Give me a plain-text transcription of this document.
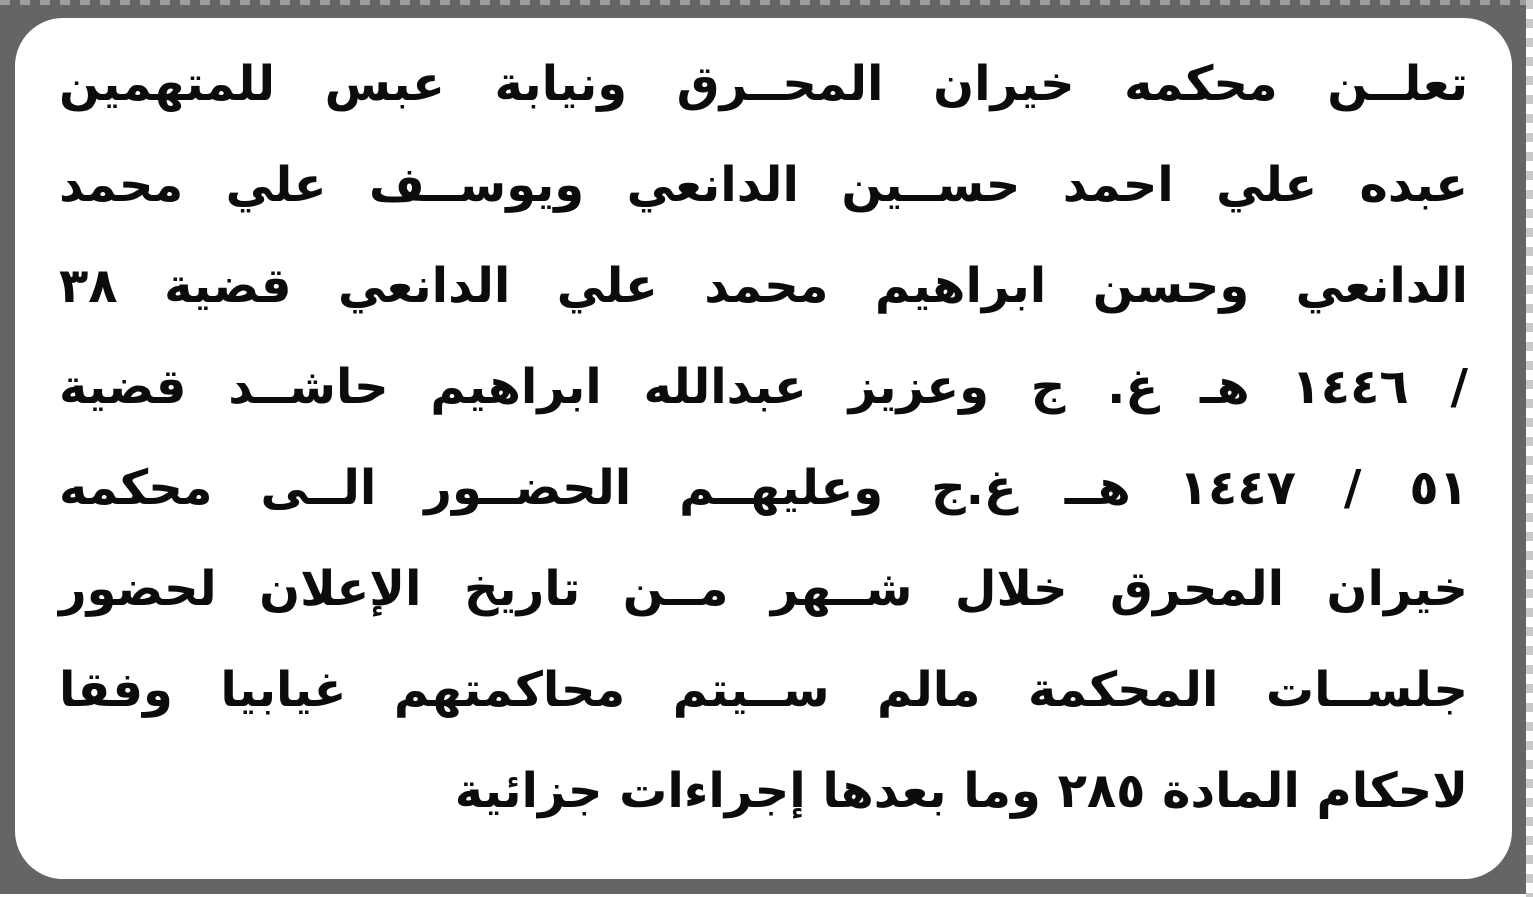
تعلــن محكمه خيران المحــرق ونيابة عبس للمتهمين
عبده علي احمد حســين الدانعي ويوســف علي محمد
الدانعي وحسن ابراهيم محمد علي الدانعي قضية ٣٨
/ ١٤٤٦ هـ غ. ج وعزيز عبدالله ابراهيم حاشــد قضية
٥١ / ١٤٤٧ هــ غ.ج وعليهــم الحضــور الــى محكمه
خيران المحرق خلال شــهر مــن تاريخ الإعلان لحضور
جلســات المحكمة مالم ســيتم محاكمتهم غيابيا وفقا
لاحكام المادة ٢٨٥ وما بعدها إجراءات جزائية
